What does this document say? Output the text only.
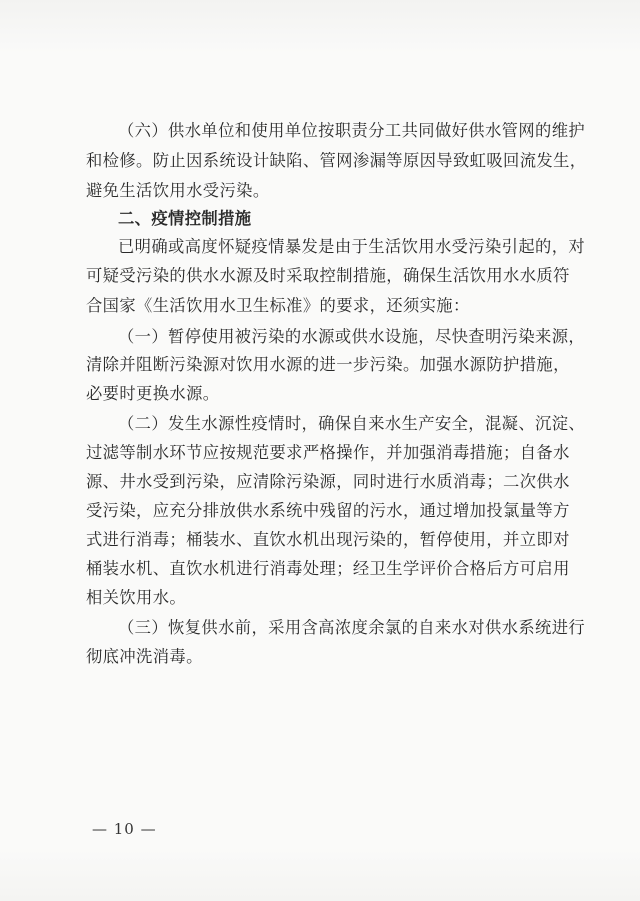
（六）供水单位和使用单位按职责分工共同做好供水管网的维护
和检修。防止因系统设计缺陷、管网渗漏等原因导致虹吸回流发生，
避免生活饮用水受污染。
二、疫情控制措施
已明确或高度怀疑疫情暴发是由于生活饮用水受污染引起的，对
可疑受污染的供水水源及时采取控制措施，确保生活饮用水水质符
合国家《生活饮用水卫生标准》的要求，还须实施：
（一）暂停使用被污染的水源或供水设施，尽快查明污染来源，
清除并阻断污染源对饮用水源的进一步污染。加强水源防护措施，
必要时更换水源。
（二）发生水源性疫情时，确保自来水生产安全，混凝、沉淀、
过滤等制水环节应按规范要求严格操作，并加强消毒措施；自备水
源、井水受到污染，应清除污染源，同时进行水质消毒；二次供水
受污染，应充分排放供水系统中残留的污水，通过增加投氯量等方
式进行消毒；桶装水、直饮水机出现污染的，暂停使用，并立即对
桶装水机、直饮水机进行消毒处理；经卫生学评价合格后方可启用
相关饮用水。
（三）恢复供水前，采用含高浓度余氯的自来水对供水系统进行
彻底冲洗消毒。
— 10 —
